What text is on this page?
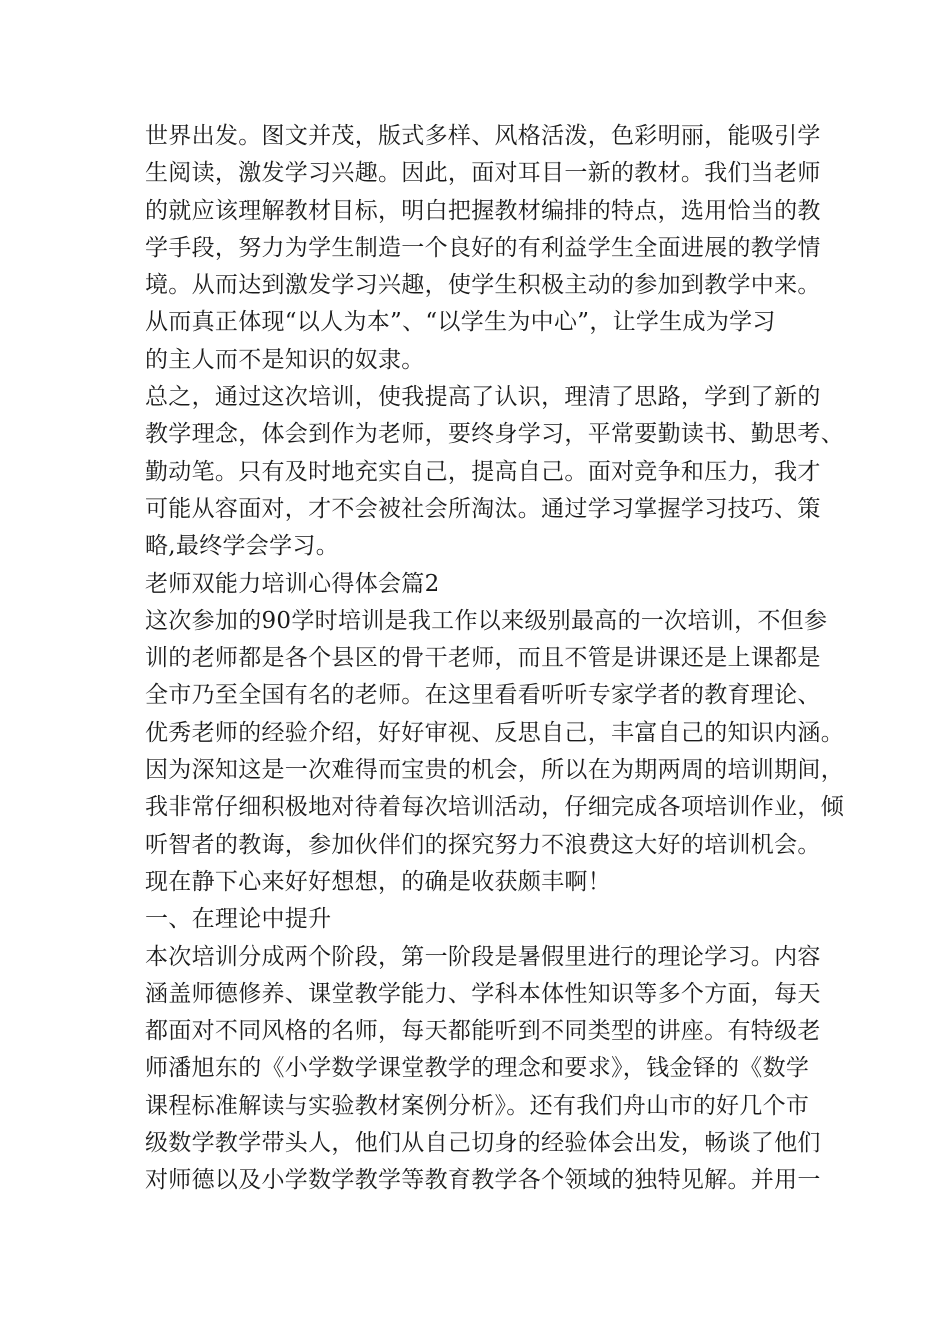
世界出发。图文并茂，版式多样、风格活泼，色彩明丽，能吸引学
生阅读，激发学习兴趣。因此，面对耳目一新的教材。我们当老师
的就应该理解教材目标，明白把握教材编排的特点，选用恰当的教
学手段，努力为学生制造一个良好的有利益学生全面进展的教学情
境。从而达到激发学习兴趣，使学生积极主动的参加到教学中来。
从而真正体现“以人为本”、“以学生为中心”，让学生成为学习
的主人而不是知识的奴隶。
总之，通过这次培训，使我提高了认识，理清了思路，学到了新的
教学理念，体会到作为老师，要终身学习，平常要勤读书、勤思考、
勤动笔。只有及时地充实自己，提高自己。面对竞争和压力，我才
可能从容面对，才不会被社会所淘汰。通过学习掌握学习技巧、策
略,最终学会学习。
老师双能力培训心得体会篇2
这次参加的90学时培训是我工作以来级别最高的一次培训，不但参
训的老师都是各个县区的骨干老师，而且不管是讲课还是上课都是
全市乃至全国有名的老师。在这里看看听听专家学者的教育理论、
优秀老师的经验介绍，好好审视、反思自己，丰富自己的知识内涵。
因为深知这是一次难得而宝贵的机会，所以在为期两周的培训期间，
我非常仔细积极地对待着每次培训活动，仔细完成各项培训作业，倾
听智者的教诲，参加伙伴们的探究努力不浪费这大好的培训机会。
现在静下心来好好想想，的确是收获颇丰啊！
一、在理论中提升
本次培训分成两个阶段，第一阶段是暑假里进行的理论学习。内容
涵盖师德修养、课堂教学能力、学科本体性知识等多个方面，每天
都面对不同风格的名师，每天都能听到不同类型的讲座。有特级老
师潘旭东的《小学数学课堂教学的理念和要求》，钱金铎的《数学
课程标准解读与实验教材案例分析》。还有我们舟山市的好几个市
级数学教学带头人，他们从自己切身的经验体会出发，畅谈了他们
对师德以及小学数学教学等教育教学各个领域的独特见解。并用一
